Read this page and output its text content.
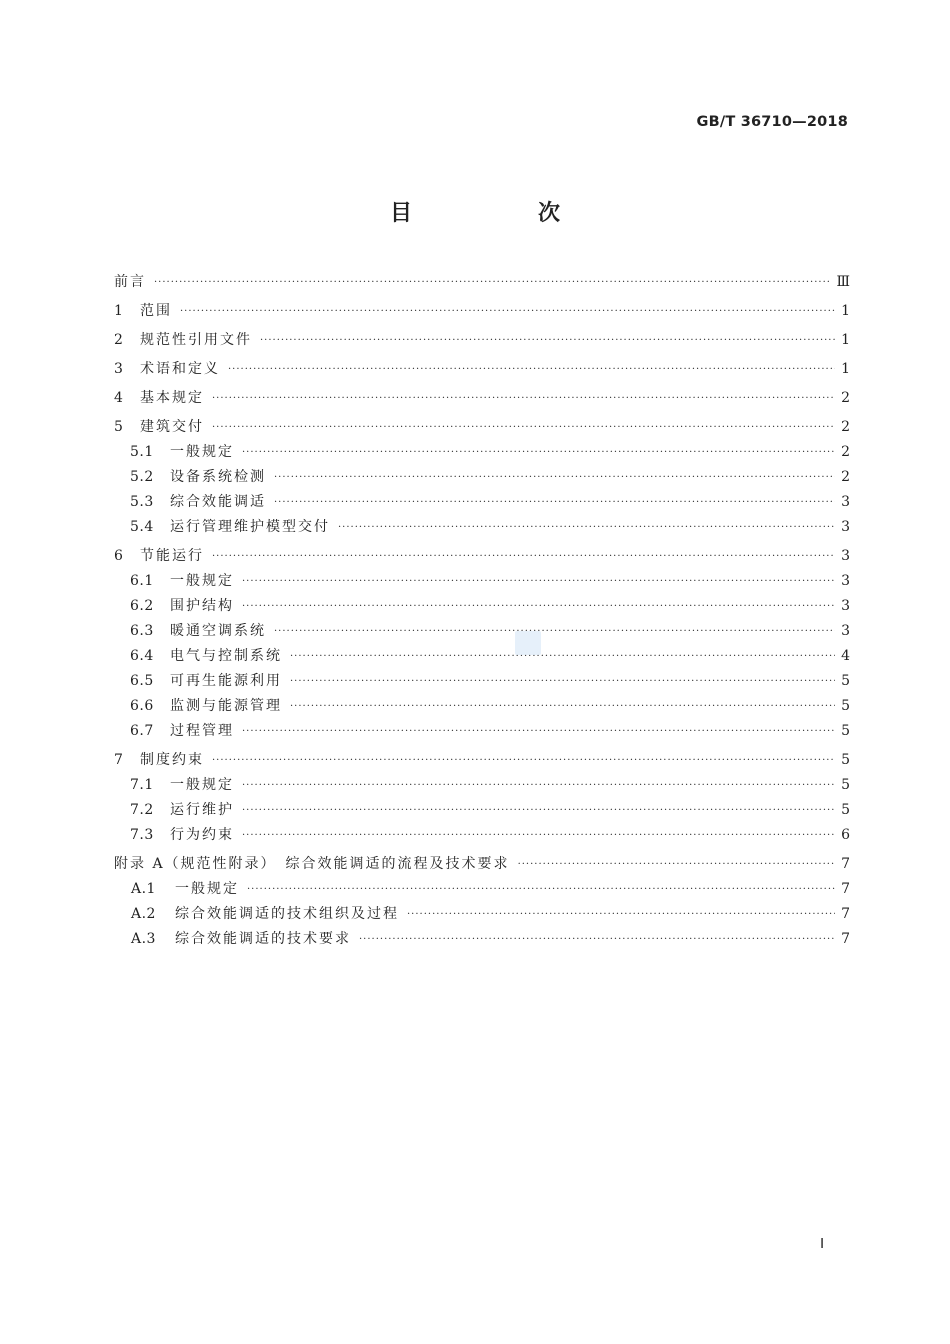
GB/T 36710—2018
目　次
前言 ·····	Ⅲ
1	范围 ·····	1
2	规范性引用文件 ·····	1
3	术语和定义 ·····	1
4	基本规定 ·····	2
5	建筑交付 ·····	2
5.1	一般规定 ·····	2
5.2	设备系统检测 ·····	2
5.3	综合效能调适 ·····	3
5.4	运行管理维护模型交付 ·····	3
6	节能运行 ·····	3
6.1	一般规定 ·····	3
6.2	围护结构 ·····	3
6.3	暖通空调系统 ·····	3
6.4	电气与控制系统 ·····	4
6.5	可再生能源利用 ·····	5
6.6	监测与能源管理 ·····	5
6.7	过程管理 ·····	5
7	制度约束 ·····	5
7.1	一般规定 ·····	5
7.2	运行维护 ·····	5
7.3	行为约束 ·····	6
附录 A（规范性附录）　综合效能调适的流程及技术要求 ·····	7
A.1	一般规定 ·····	7
A.2	综合效能调适的技术组织及过程 ·····	7
A.3	综合效能调适的技术要求 ·····	7
Ⅰ
